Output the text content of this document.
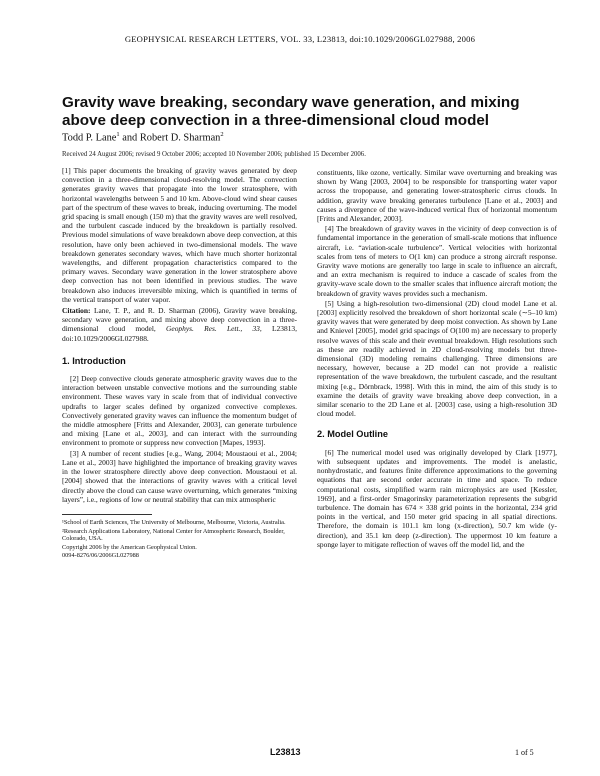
GEOPHYSICAL RESEARCH LETTERS, VOL. 33, L23813, doi:10.1029/2006GL027988, 2006
Gravity wave breaking, secondary wave generation, and mixing above deep convection in a three-dimensional cloud model
Todd P. Lane$^1$ and Robert D. Sharman$^2$
Received 24 August 2006; revised 9 October 2006; accepted 10 November 2006; published 15 December 2006.

[1] This paper documents the breaking of gravity waves generated by deep convection in a three-dimensional cloud-resolving model. The convection generates gravity waves that propagate into the lower stratosphere, with horizontal wavelengths between 5 and 10 km. Above-cloud wind shear causes part of the spectrum of these waves to break, inducing overturning. The model grid spacing is small enough (150 m) that the gravity waves are well resolved, and the turbulent cascade induced by the breakdown is partially resolved. Previous model simulations of wave breakdown above deep convection, at this resolution, have only been achieved in two-dimensional models. The wave breakdown generates secondary waves, which have much shorter horizontal wavelengths, and different propagation characteristics compared to the primary waves. Secondary wave generation in the lower stratosphere above deep convection has not been identified in previous studies. The wave breakdown also induces irreversible mixing, which is quantified in terms of the vertical transport of water vapor.

Citation: Lane, T. P., and R. D. Sharman (2006), Gravity wave breaking, secondary wave generation, and mixing above deep convection in a three-dimensional cloud model, Geophys. Res. Lett., 33, L23813, doi:10.1029/2006GL027988.

1. Introduction

[2] Deep convective clouds generate atmospheric gravity waves due to the interaction between unstable convective motions and the surrounding stable environment. These waves vary in scale from that of individual convective updrafts to larger scales defined by organized convective complexes. Convectively generated gravity waves can influence the momentum budget of the middle atmosphere [Fritts and Alexander, 2003], can generate turbulence and mixing [Lane et al., 2003], and can interact with the surrounding environment to promote or suppress new convection [Mapes, 1993].

[3] A number of recent studies [e.g., Wang, 2004; Moustaoui et al., 2004; Lane et al., 2003] have highlighted the importance of breaking gravity waves in the lower stratosphere directly above deep convection. Moustaoui et al. [2004] showed that the interactions of gravity waves with a critical level directly above the cloud can cause wave overturning, which generates “mixing layers”, i.e., regions of low or neutral stability that can mix atmospheric

¹School of Earth Sciences, The University of Melbourne, Melbourne, Victoria, Australia.

²Research Applications Laboratory, National Center for Atmospheric Research, Boulder, Colorado, USA.

Copyright 2006 by the American Geophysical Union.

0094-8276/06/2006GL027988

constituents, like ozone, vertically. Similar wave overturning and breaking was shown by Wang [2003, 2004] to be responsible for transporting water vapor across the tropopause, and generating lower-stratospheric cirrus clouds. In addition, gravity wave breaking generates turbulence [Lane et al., 2003] and causes a divergence of the wave-induced vertical flux of horizontal momentum [Fritts and Alexander, 2003].

[4] The breakdown of gravity waves in the vicinity of deep convection is of fundamental importance in the generation of small-scale motions that influence aircraft, i.e. “aviation-scale turbulence”. Vertical velocities with horizontal scales from tens of meters to O(1 km) can produce a strong aircraft response. Gravity wave motions are generally too large in scale to influence an aircraft, and an extra mechanism is required to induce a cascade of scales from the gravity-wave scale down to the smaller scales that influence aircraft motion; the breakdown of gravity waves provides such a mechanism.

[5] Using a high-resolution two-dimensional (2D) cloud model Lane et al. [2003] explicitly resolved the breakdown of short horizontal scale (∼5–10 km) gravity waves that were generated by deep moist convection. As shown by Lane and Knievel [2005], model grid spacings of O(100 m) are necessary to properly resolve waves of this scale and their eventual breakdown. High resolutions such as these are readily achieved in 2D cloud-resolving models but three-dimensional (3D) modeling remains challenging. Three dimensions are necessary, however, because a 2D model can not provide a realistic representation of the wave breakdown, the turbulent cascade, and the resultant mixing [e.g., Dörnbrack, 1998]. With this in mind, the aim of this study is to examine the details of gravity wave breaking above deep convection, in a similar scenario to the 2D Lane et al. [2003] case, using a high-resolution 3D cloud model.

2. Model Outline

[6] The numerical model used was originally developed by Clark [1977], with subsequent updates and improvements. The model is anelastic, nonhydrostatic, and features finite difference approximations to the governing equations that are second order accurate in time and space. To reduce computational costs, simplified warm rain microphysics are used [Kessler, 1969], and a first-order Smagorinsky parameterization represents the subgrid turbulence. The domain has 674 × 338 grid points in the horizontal, 234 grid points in the vertical, and 150 meter grid spacing in all spatial directions. Therefore, the domain is 101.1 km long (x-direction), 50.7 km wide (y-direction), and 35.1 km deep (z-direction). The uppermost 10 km feature a sponge layer to mitigate reflection of waves off the model lid, and the

L23813	1 of 5
